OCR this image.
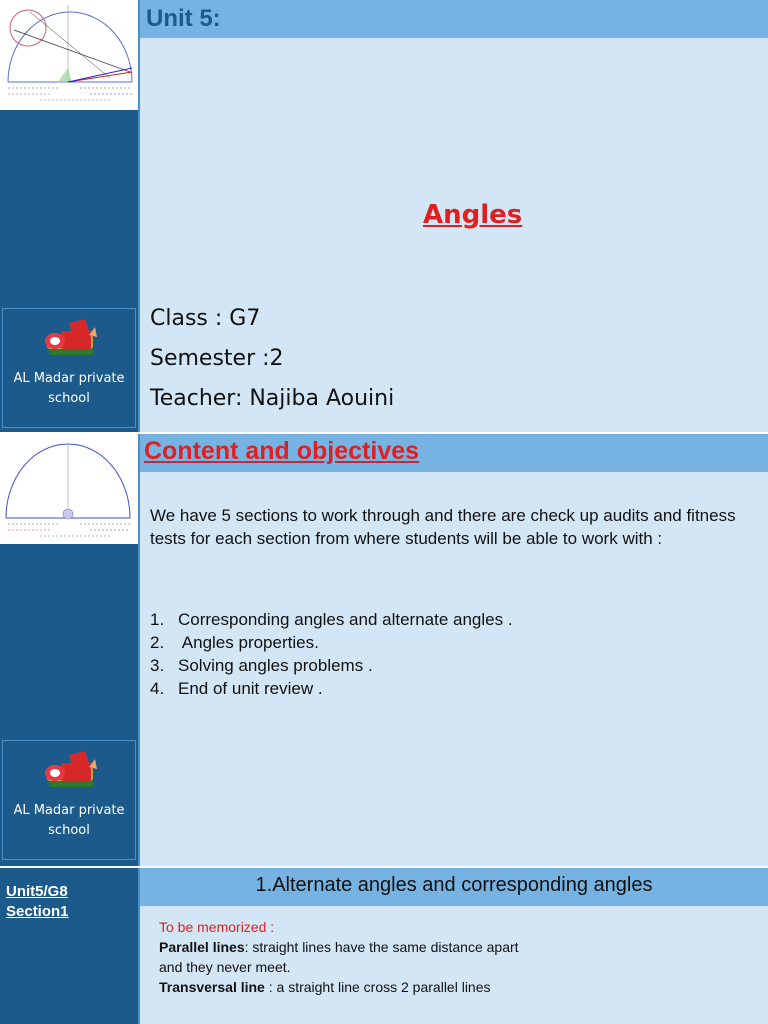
AL Madar private
school
Unit 5:
Angles
Class : G7
Semester :2
Teacher: Najiba Aouini
AL Madar private
school
Content and objectives
We have 5 sections to work through and there are check up audits and fitness tests for each section from where students will be able to work with :
1. Corresponding angles and alternate angles .
2. Angles properties.
3. Solving angles problems .
4. End of unit review .
Unit5/G8
Section1
1.Alternate angles and corresponding angles
To be memorized :
Parallel lines: straight lines have the same distance apart
and they never meet.
Transversal line : a straight line cross 2 parallel lines
